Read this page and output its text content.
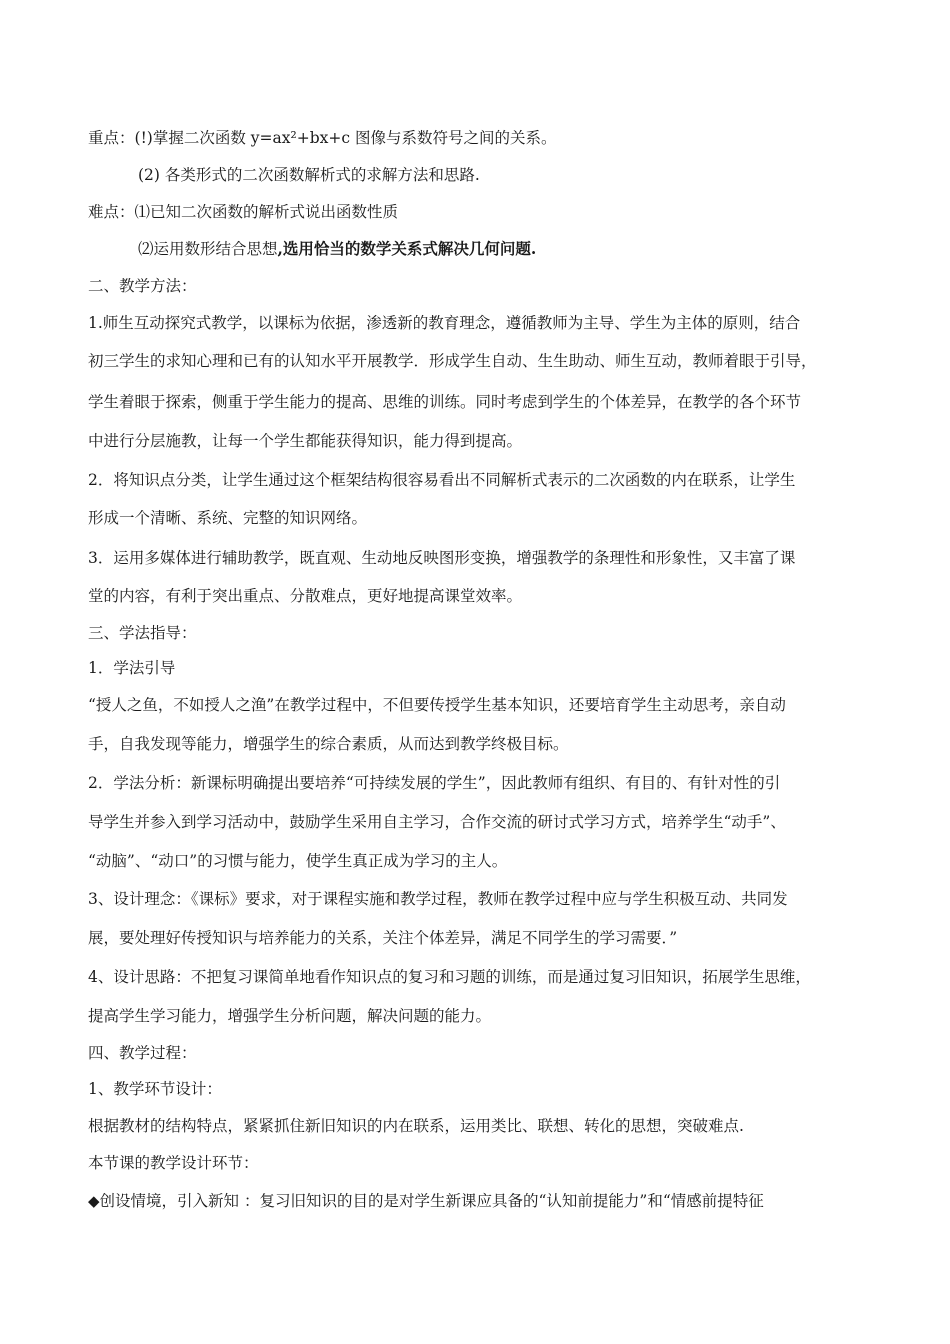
重点：(!)掌握二次函数 y=ax²+bx+c 图像与系数符号之间的关系。
(2) 各类形式的二次函数解析式的求解方法和思路.
难点：⑴已知二次函数的解析式说出函数性质
⑵运用数形结合思想,选用恰当的数学关系式解决几何问题.
二、教学方法：
1.师生互动探究式教学，以课标为依据，渗透新的教育理念，遵循教师为主导、学生为主体的原则，结合
初三学生的求知心理和已有的认知水平开展教学．形成学生自动、生生助动、师生互动，教师着眼于引导，
学生着眼于探索，侧重于学生能力的提高、思维的训练。同时考虑到学生的个体差异，在教学的各个环节
中进行分层施教，让每一个学生都能获得知识，能力得到提高。
2．将知识点分类，让学生通过这个框架结构很容易看出不同解析式表示的二次函数的内在联系，让学生
形成一个清晰、系统、完整的知识网络。
3．运用多媒体进行辅助教学，既直观、生动地反映图形变换，增强教学的条理性和形象性，又丰富了课
堂的内容，有利于突出重点、分散难点，更好地提高课堂效率。
三、学法指导：
1．学法引导
“授人之鱼，不如授人之渔”在教学过程中，不但要传授学生基本知识，还要培育学生主动思考，亲自动
手，自我发现等能力，增强学生的综合素质，从而达到教学终极目标。
2．学法分析：新课标明确提出要培养“可持续发展的学生”，因此教师有组织、有目的、有针对性的引
导学生并参入到学习活动中，鼓励学生采用自主学习，合作交流的研讨式学习方式，培养学生“动手”、
“动脑”、“动口”的习惯与能力，使学生真正成为学习的主人。
3、设计理念：《课标》要求，对于课程实施和教学过程，教师在教学过程中应与学生积极互动、共同发
展，要处理好传授知识与培养能力的关系，关注个体差异，满足不同学生的学习需要．”
4、设计思路：不把复习课简单地看作知识点的复习和习题的训练，而是通过复习旧知识，拓展学生思维，
提高学生学习能力，增强学生分析问题，解决问题的能力。
四、教学过程：
1、教学环节设计：
根据教材的结构特点，紧紧抓住新旧知识的内在联系，运用类比、联想、转化的思想，突破难点.
本节课的教学设计环节：
◆创设情境，引入新知 ：复习旧知识的目的是对学生新课应具备的“认知前提能力”和“情感前提特征
